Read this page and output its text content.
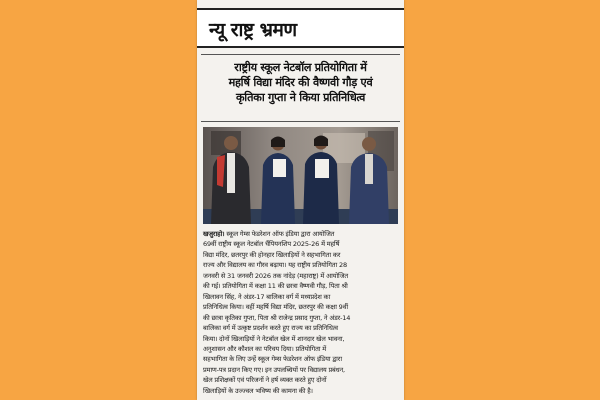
न्यू राष्ट्र भ्रमण
राष्ट्रीय स्कूल नेटबॉल प्रतियोगिता में
महर्षि विद्या मंदिर की वैष्णवी गौड़ एवं
कृतिका गुप्ता ने किया प्रतिनिधित्व
खजुराहो। स्कूल गेम्स फेडरेशन ऑफ इंडिया द्वारा आयोजित
69वीं राष्ट्रीय स्कूल नेटबॉल चैंपियनशिप 2025-26 में महर्षि
विद्या मंदिर, छतरपुर की होनहार खिलाड़ियों ने सहभागिता कर
राज्य और विद्यालय का गौरव बढ़ाया। यह राष्ट्रीय प्रतियोगिता 28
जनवरी से 31 जनवरी 2026 तक नांदेड़ (महाराष्ट्र) में आयोजित
की गई। प्रतियोगिता में कक्षा 11 की छात्रा वैष्णवी गौड़, पिता श्री
खिलावन सिंह, ने अंडर-17 बालिका वर्ग में मध्यप्रदेश का
प्रतिनिधित्व किया। वहीं महर्षि विद्या मंदिर, छतरपुर की कक्षा 9वीं
की छात्रा कृतिका गुप्ता, पिता श्री राजेन्द्र प्रसाद गुप्ता, ने अंडर-14
बालिका वर्ग में उत्कृष्ट प्रदर्शन करते हुए राज्य का प्रतिनिधित्व
किया। दोनों खिलाड़ियों ने नेटबॉल खेल में शानदार खेल भावना,
अनुशासन और कौशल का परिचय दिया। प्रतियोगिता में
सहभागिता के लिए उन्हें स्कूल गेम्स फेडरेशन ऑफ इंडिया द्वारा
प्रमाण-पत्र प्रदान किए गए। इन उपलब्धियों पर विद्यालय प्रबंधन,
खेल प्रशिक्षकों एवं परिजनों ने हर्ष व्यक्त करते हुए दोनों
खिलाड़ियों के उज्ज्वल भविष्य की कामना की है।
